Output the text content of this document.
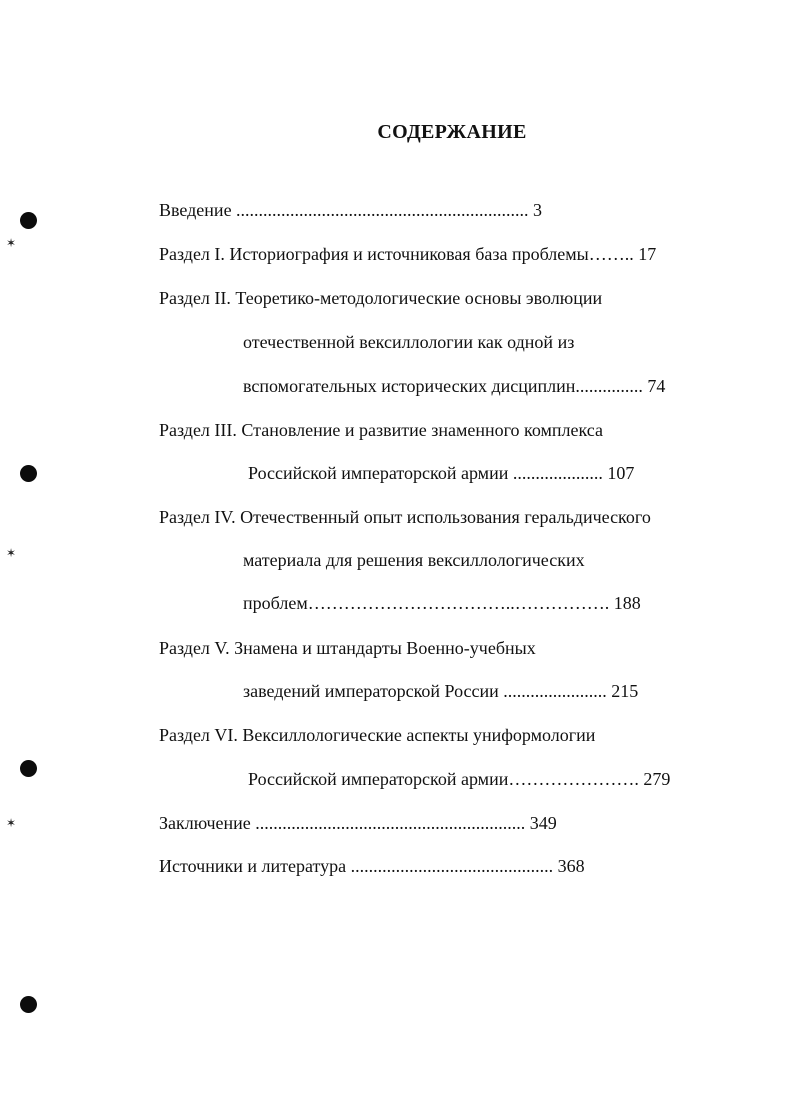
СОДЕРЖАНИЕ
Введение ................................................................. 3
Раздел I. Историография и источниковая база проблемы…….. 17
Раздел II. Теоретико-методологические основы эволюции
отечественной вексиллологии как одной из
вспомогательных исторических дисциплин............... 74
Раздел III. Становление и развитие знаменного комплекса
Российской императорской армии .................... 107
Раздел IV. Отечественный опыт использования геральдического
материала для решения вексиллологических
проблем……………………………..……………. 188
Раздел V. Знамена и штандарты Военно-учебных
заведений императорской России ....................... 215
Раздел VI. Вексиллологические аспекты униформологии
Российской императорской армии…………………. 279
Заключение ............................................................ 349
Источники и литература ............................................. 368
✶
✶
✶
